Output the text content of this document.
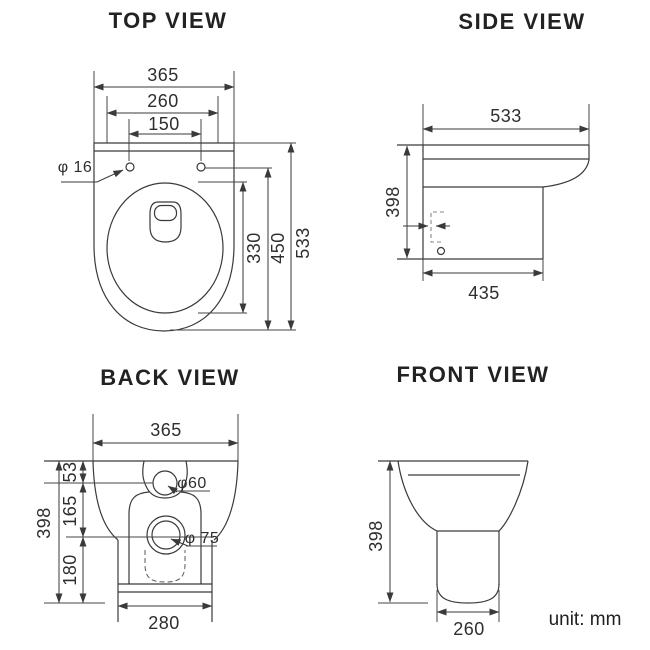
TOP VIEW
365
260
150
φ 16
330 450 533
SIDE VIEW
533
398
435
BACK VIEW
365
φ60
φ 75
398
53
165
180
280
FRONT VIEW
398
260	unit: mm
